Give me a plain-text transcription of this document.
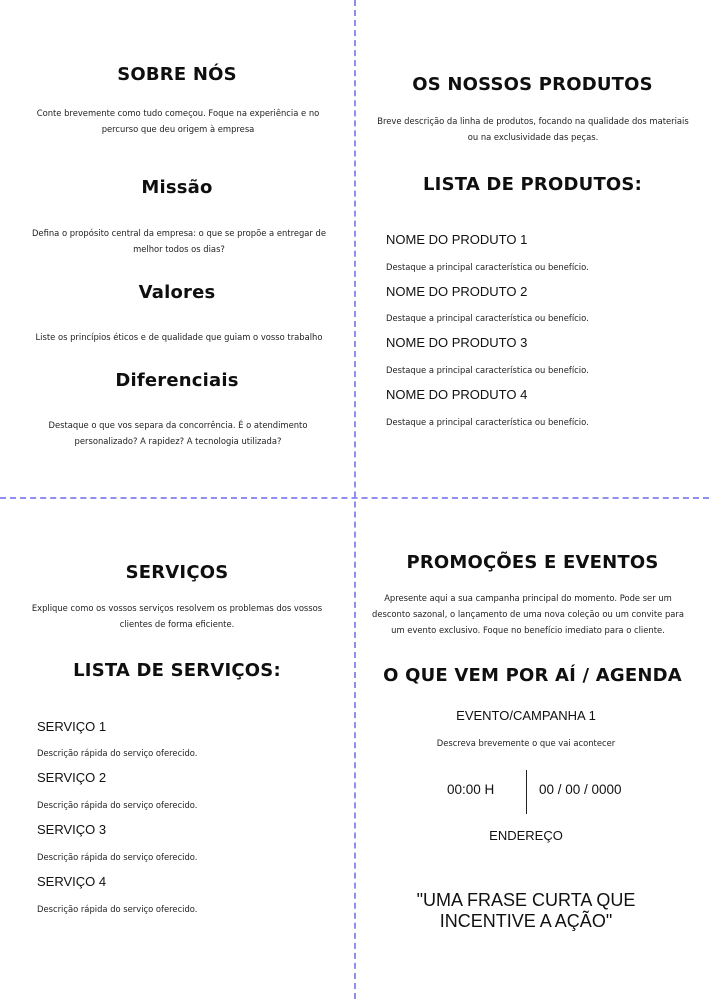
SOBRE NÓS
Conte brevemente como tudo começou. Foque na experiência e no percurso que deu origem à empresa
Missão
Defina o propósito central da empresa: o que se propõe a entregar de melhor todos os dias?
Valores
Liste os princípios éticos e de qualidade que guiam o vosso trabalho
Diferenciais
Destaque o que vos separa da concorrência. É o atendimento personalizado? A rapidez? A tecnologia utilizada?
OS NOSSOS PRODUTOS
Breve descrição da linha de produtos, focando na qualidade dos materiais ou na exclusividade das peças.
LISTA DE PRODUTOS:
NOME DO PRODUTO 1
Destaque a principal característica ou benefício.
NOME DO PRODUTO 2
Destaque a principal característica ou benefício.
NOME DO PRODUTO 3
Destaque a principal característica ou benefício.
NOME DO PRODUTO 4
Destaque a principal característica ou benefício.
SERVIÇOS
Explique como os vossos serviços resolvem os problemas dos vossos clientes de forma eficiente.
LISTA DE SERVIÇOS:
SERVIÇO 1
Descrição rápida do serviço oferecido.
SERVIÇO 2
Descrição rápida do serviço oferecido.
SERVIÇO 3
Descrição rápida do serviço oferecido.
SERVIÇO 4
Descrição rápida do serviço oferecido.
PROMOÇÕES E EVENTOS
Apresente aqui a sua campanha principal do momento. Pode ser um desconto sazonal, o lançamento de uma nova coleção ou um convite para um evento exclusivo. Foque no benefício imediato para o cliente.
O QUE VEM POR AÍ / AGENDA
EVENTO/CAMPANHA 1
Descreva brevemente o que vai acontecer
00:00 H	00 / 00 / 0000
ENDEREÇO
"UMA FRASE CURTA QUE INCENTIVE A AÇÃO"
